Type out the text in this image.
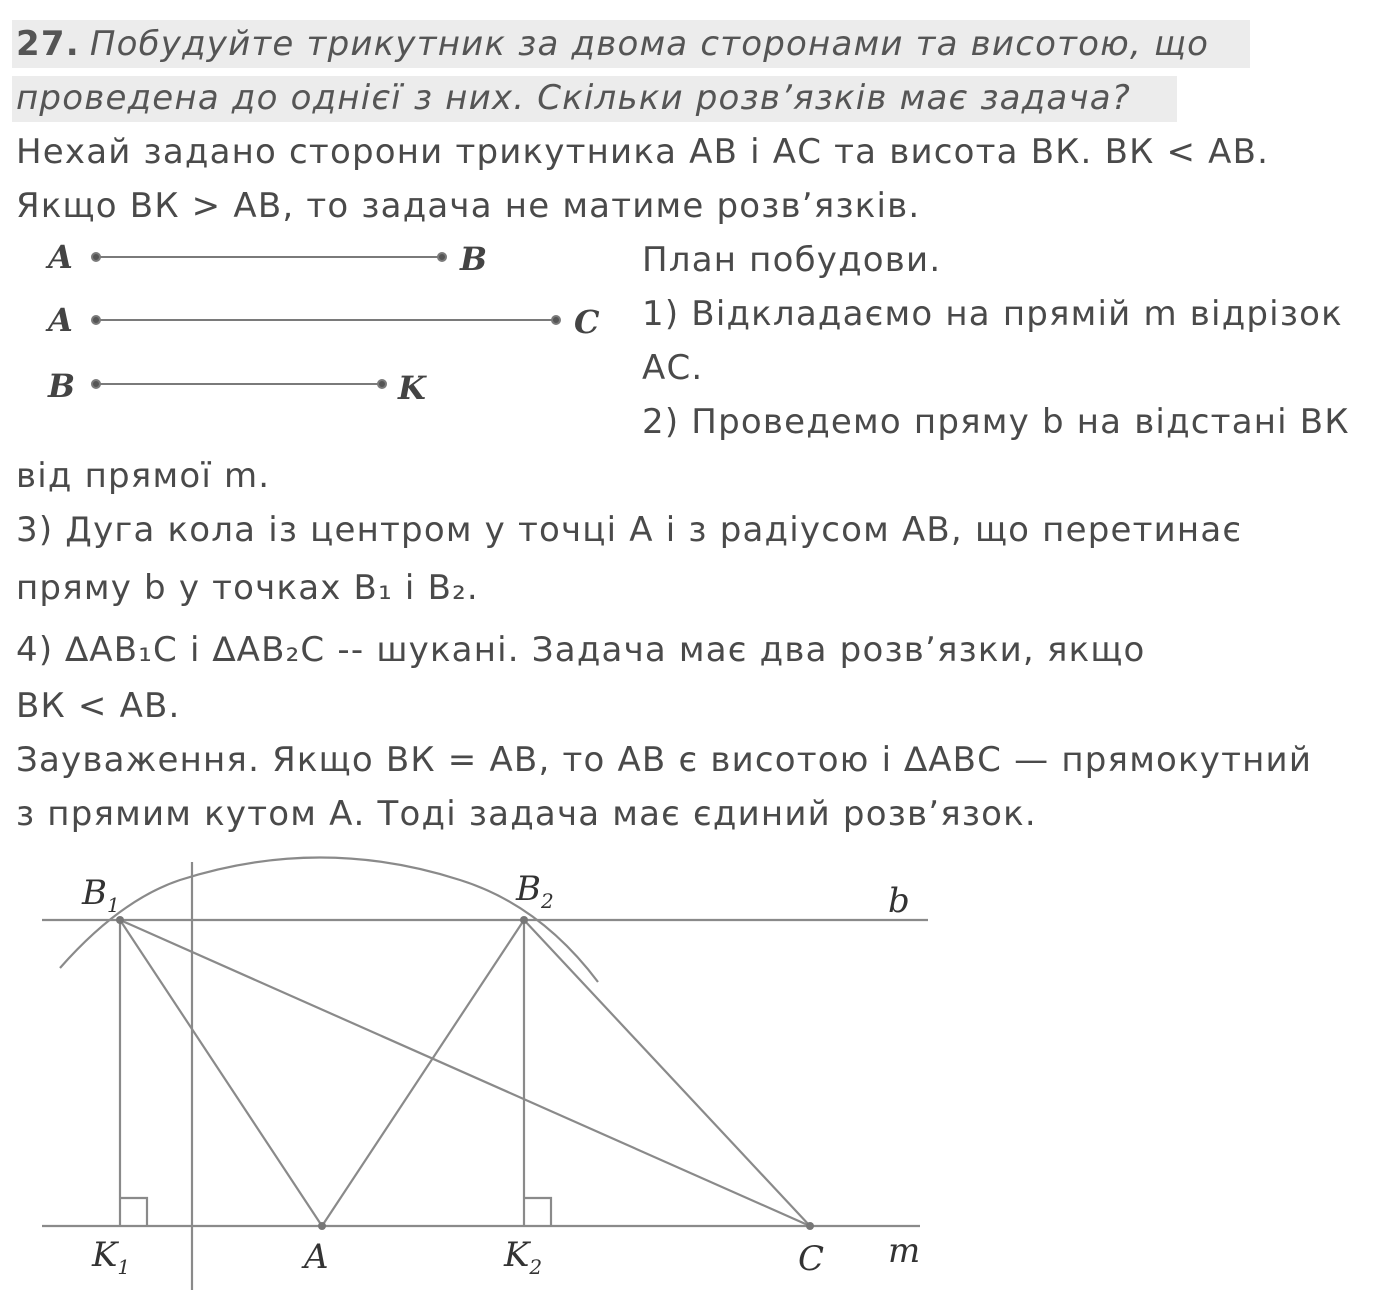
27. Побудуйте трикутник за двома сторонами та висотою, що

проведена до однієї з них. Скільки розв’язків має задача?

Нехай задано сторони трикутника АВ і АС та висота ВК. ВК < АВ.

Якщо ВК > АВ, то задача не матиме розв’язків.

A	B
A	C
B	K

План побудови.

1) Відкладаємо на прямій m відрізок

АС.

2) Проведемо пряму b на відстані ВК

від прямої m.

3) Дуга кола із центром у точці А і з радіусом АВ, що перетинає

пряму b у точках B₁ і B₂.

4) ∆AB₁C і ∆AB₂C -- шукані. Задача має два розв’язки, якщо

ВК < АВ.

Зауваження. Якщо ВК = АВ, то АВ є висотою і ∆АВС — прямокутний

з прямим кутом А. Тоді задача має єдиний розв’язок.

$B_1$	$B_2$	b
$K_1$	A	$K_2$	C m
